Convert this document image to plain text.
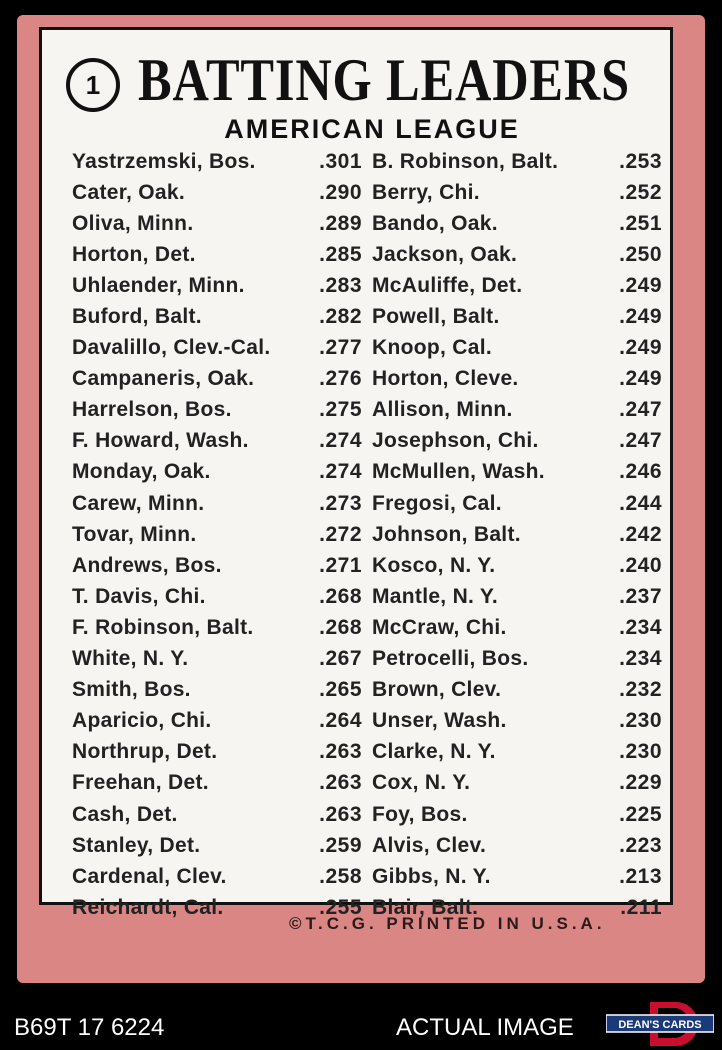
1 BATTING LEADERS
AMERICAN LEAGUE
Yastrzemski, Bos.	.301
Cater, Oak.	.290
Oliva, Minn.	.289
Horton, Det.	.285
Uhlaender, Minn.	.283
Buford, Balt.	.282
Davalillo, Clev.-Cal. .277
Campaneris, Oak.	.276
Harrelson, Bos.	.275
F. Howard, Wash.	.274
Monday, Oak.	.274
Carew, Minn.	.273
Tovar, Minn.	.272
Andrews, Bos.	.271
T. Davis, Chi.	.268
F. Robinson, Balt.	.268
White, N. Y.	.267
Smith, Bos.	.265
Aparicio, Chi.	.264
Northrup, Det.	.263
Freehan, Det.	.263
Cash, Det.	.263
Stanley, Det.	.259
Cardenal, Clev.	.258
Reichardt, Cal.	.255
B. Robinson, Balt.	.253
Berry, Chi.	.252
Bando, Oak.	.251
Jackson, Oak.	.250
McAuliffe, Det.	.249
Powell, Balt.	.249
Knoop, Cal.	.249
Horton, Cleve.	.249
Allison, Minn.	.247
Josephson, Chi.	.247
McMullen, Wash.	.246
Fregosi, Cal.	.244
Johnson, Balt.	.242
Kosco, N. Y.	.240
Mantle, N. Y.	.237
McCraw, Chi.	.234
Petrocelli, Bos.	.234
Brown, Clev.	.232
Unser, Wash.	.230
Clarke, N. Y.	.230
Cox, N. Y.	.229
Foy, Bos.	.225
Alvis, Clev.	.223
Gibbs, N. Y.	.213
Blair, Balt.	.211
©T.C.G. PRINTED IN U.S.A.
B69T 17 6224	ACTUAL IMAGE	DEAN'S CARDS
